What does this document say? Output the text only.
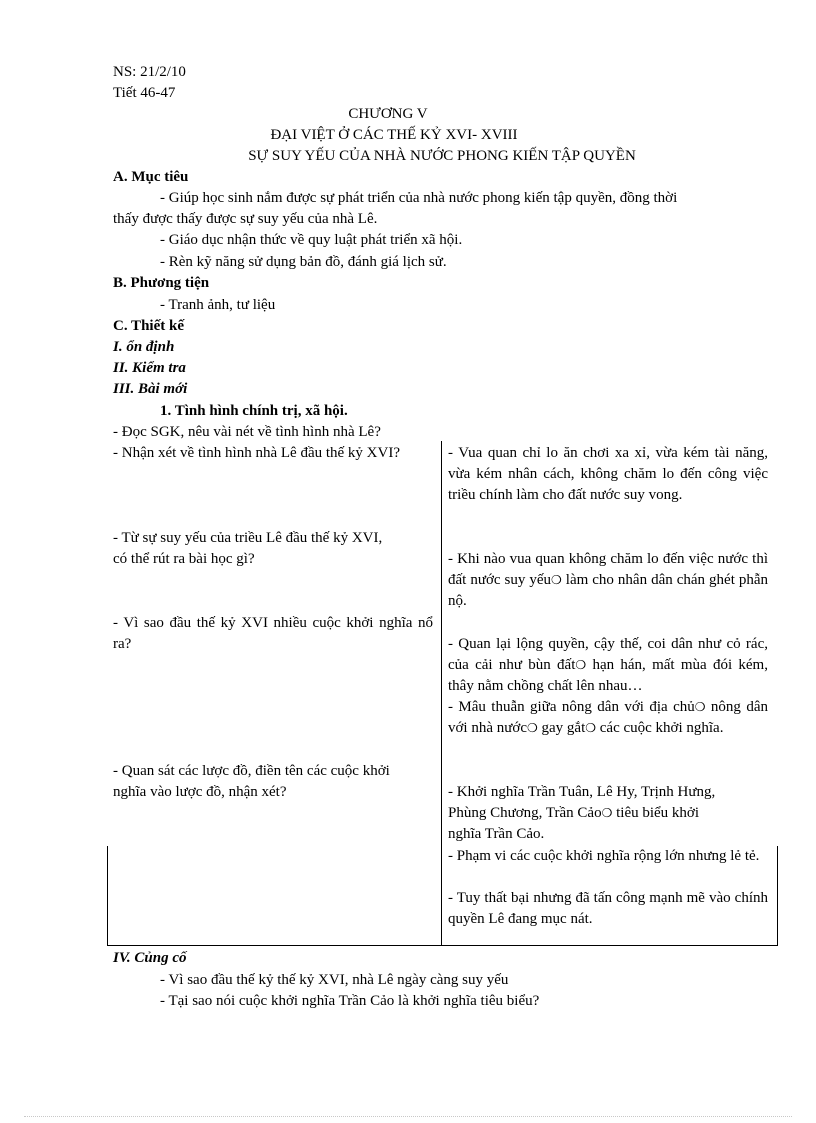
NS: 21/2/10
Tiết 46-47
CHƯƠNG V
ĐẠI VIỆT Ở CÁC THẾ KỶ XVI- XVIII
SỰ SUY YẾU CỦA NHÀ NƯỚC PHONG KIẾN TẬP QUYỀN
A. Mục tiêu
- Giúp học sinh nắm được sự phát triển của nhà nước phong kiến tập quyền, đồng thời
thấy được thấy được sự suy yếu của nhà Lê.
- Giáo dục nhận thức về quy luật phát triển xã hội.
- Rèn kỹ năng sử dụng bản đồ, đánh giá lịch sử.
B. Phương tiện
- Tranh ảnh, tư liệu
C. Thiết kế
I. ổn định
II. Kiểm tra
III. Bài mới
1. Tình hình chính trị, xã hội.
- Đọc SGK, nêu vài nét về tình hình nhà Lê?
- Nhận xét về tình hình nhà Lê đầu thế kỷ XVI?	- Vua quan chỉ lo ăn chơi xa xỉ, vừa kém tài năng, vừa kém nhân cách, không chăm lo đến công việc triều chính làm cho đất nước suy vong.
- Từ sự suy yếu của triều Lê đầu thế kỷ XVI,
có thể rút ra bài học gì?	- Khi nào vua quan không chăm lo đến việc nước thì đất nước suy yếu❍ làm cho nhân dân chán ghét phẫn nộ.
- Vì sao đầu thế kỷ XVI nhiều cuộc khởi nghĩa nổ ra?	- Quan lại lộng quyền, cậy thế, coi dân như cỏ rác, của cải như bùn đất❍ hạn hán, mất mùa đói kém, thây nằm chồng chất lên nhau…
- Mâu thuẫn giữa nông dân với địa chủ❍ nông dân với nhà nước❍ gay gắt❍ các cuộc khởi nghĩa.
- Quan sát các lược đồ, điền tên các cuộc khởi
nghĩa vào lược đồ, nhận xét?	- Khởi nghĩa Trần Tuân, Lê Hy, Trịnh Hưng,
Phùng Chương, Trần Cảo❍ tiêu biểu khởi
nghĩa Trần Cảo.
- Phạm vi các cuộc khởi nghĩa rộng lớn nhưng lẻ tẻ.
- Tuy thất bại nhưng đã tấn công mạnh mẽ vào chính quyền Lê đang mục nát.
IV. Củng cố
- Vì sao đầu thế kỷ thế kỷ XVI, nhà Lê ngày càng suy yếu
- Tại sao nói cuộc khởi nghĩa Trần Cảo là khởi nghĩa tiêu biểu?
